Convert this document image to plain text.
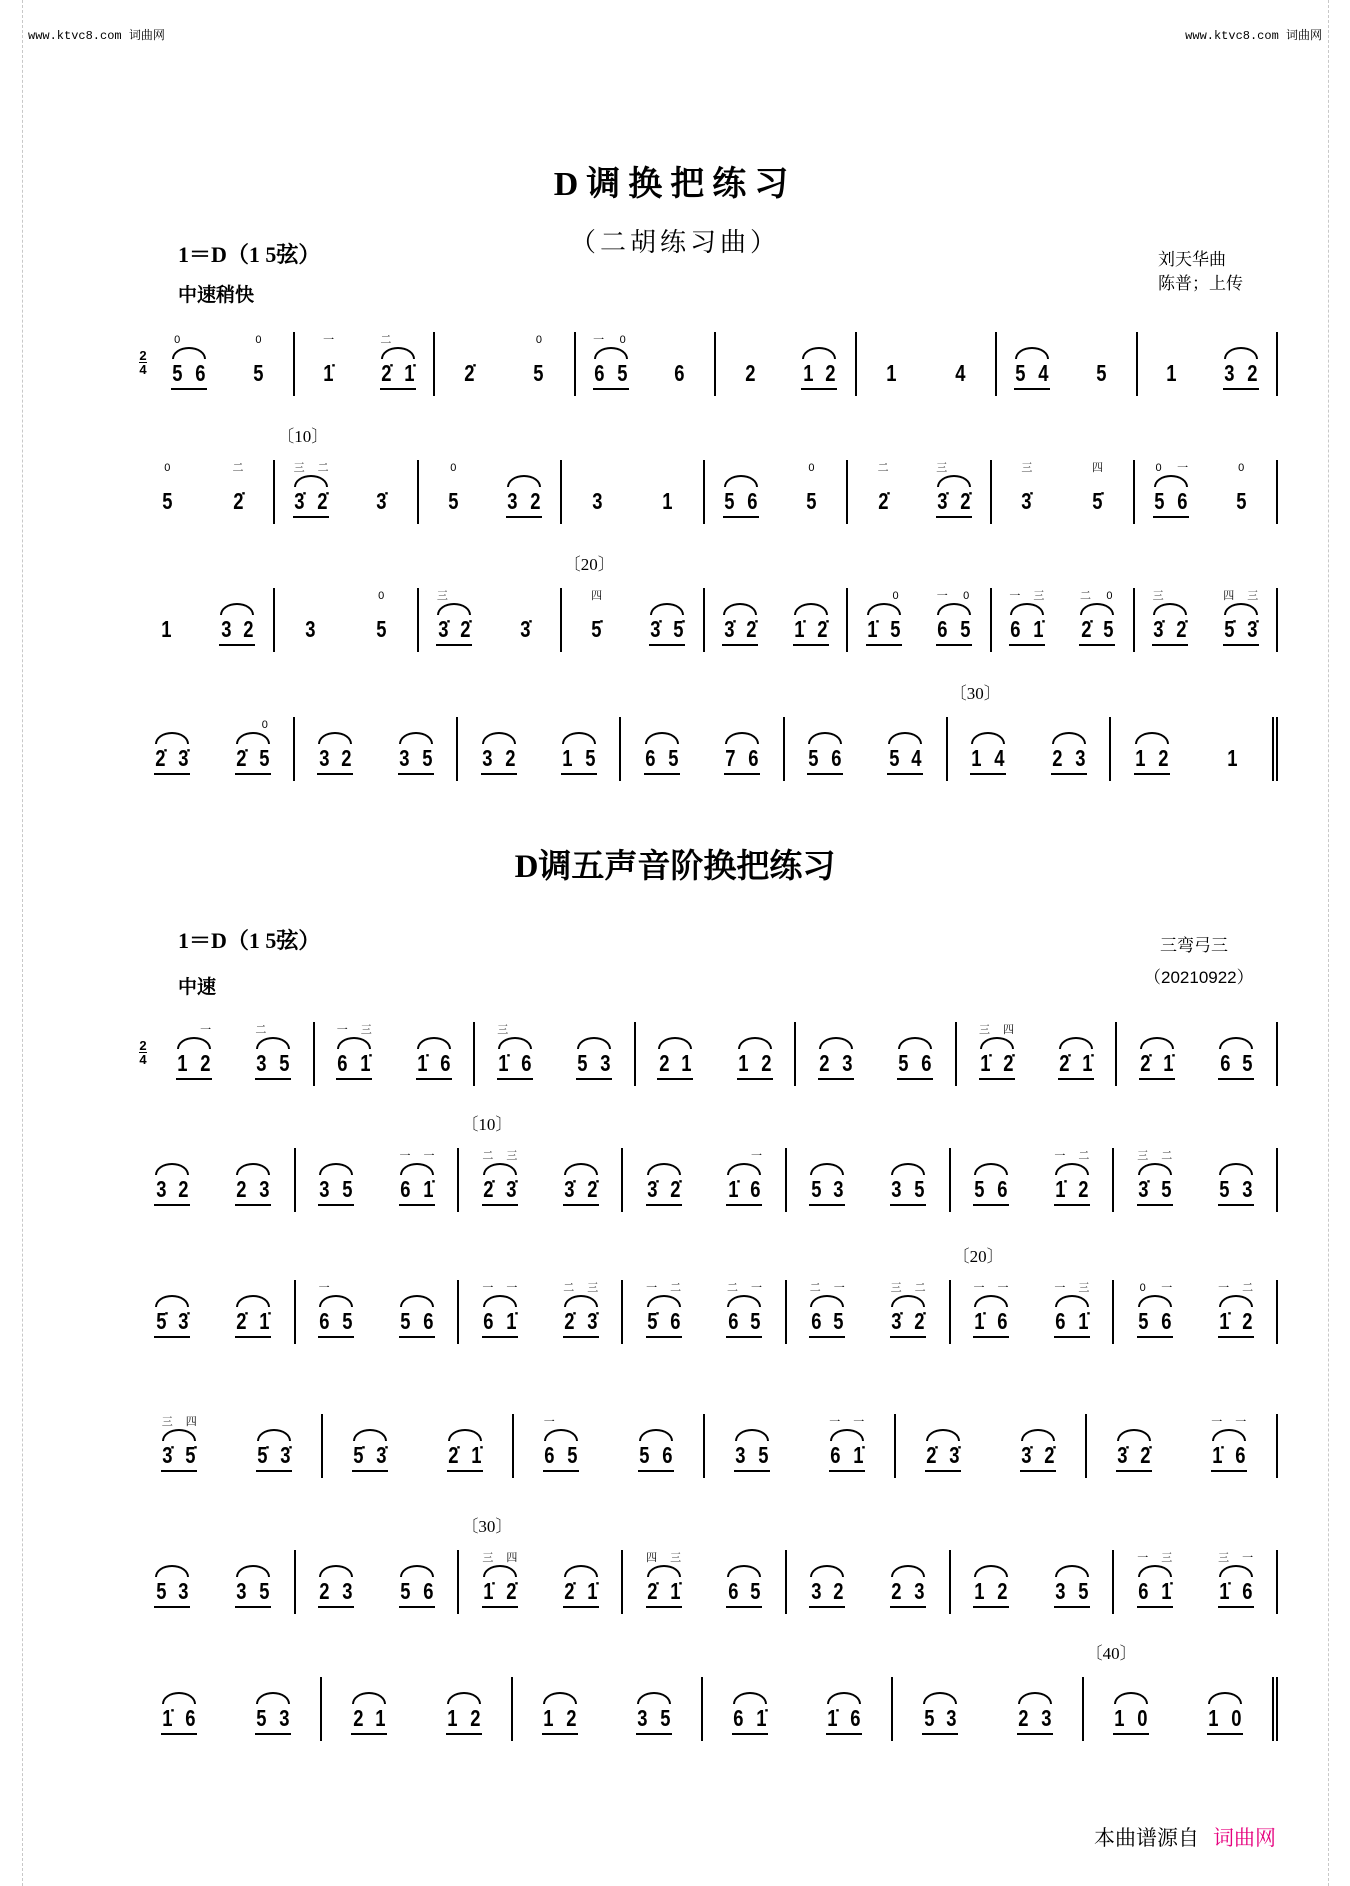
www.ktvc8.com 词曲网	www.ktvc8.com 词曲网
D调换把练习
（二胡练习曲）
1＝D（1 5弦）
中速稍快
刘天华曲
陈普；上传
$\frac{2}{4}$
0
5 6
0
5
一
1̇
二
2̇ 1̇ 2̇
0
5
一 0
6 5 6	2 1 2 1	4 5 4 5	1 3 2
0
5
二
2̇
〔10〕
三 二
3̇ 2̇ 3̇
0
5 3 2 3	1 5 6
0
5
二
2̇
三
3̇ 2̇
三
3̇
四
5̇
0 一
5 6
0
5
1 3 2 3
0
5
三
3̇ 2̇ 3̇
〔20〕
四
5̇ 3̇ 5̇ 3̇ 2̇ 1̇ 2̇
0
1̇ 5
一 0
6 5
一 三
6 1̇
二 0
2̇ 5
三
3̇ 2̇
四 三
5̇ 3̇
2̇ 3̇
0
2̇ 5 3 2 3 5 3 2 1 5 6 5 7 6 5 6 5 4
〔30〕
1 4 2 3 1 2	1
D调五声音阶换把练习
1＝D（1 5弦）
中速
三弯弓三
（20210922）
$\frac{2}{4}$
一
1 2
二
3 5
一 三
6 1̇ 1̇ 6
三
1̇ 6 5 3 2 1 1 2 2 3 5 6
三 四
1̇ 2̇ 2̇ 1̇ 2̇ 1̇ 6 5
3 2 2 3 3 5
一 一
6 1̇
〔10〕
二 三
2̇ 3̇ 3̇ 2̇ 3̇ 2̇
一
1̇ 6 5 3 3 5 5 6
一 二
1̇ 2
三 二
3̇ 5 5 3
5̇ 3̇ 2̇ 1̇
一
6 5 5 6
一 一
6 1̇
二 三
2̇ 3̇
一 二
5̇ 6
二 一
6 5
二 一
6 5
三 二
3̇ 2̇
〔20〕
一 一
1̇ 6
一 三
6 1̇
0 一
5 6
一 二
1̇ 2
三 四
3̇ 5̇	5̇ 3̇	5̇ 3̇	2̇ 1̇
一
6 5	5 6	3 5
一 一
6 1̇	2̇ 3̇	3̇ 2̇	3̇ 2̇
一 一
1̇ 6
5 3 3 5 2 3 5 6
〔30〕
三 四
1̇ 2̇ 2̇ 1̇
四 三
2̇ 1̇ 6 5 3 2 2 3 1 2 3 5
一 三
6 1̇
三 一
1̇ 6
1̇ 6	5 3	2 1	1 2	1 2	3 5	6 1̇	1̇ 6	5 3	2 3
〔40〕
1 0	1 0
本曲谱源自 词曲网
